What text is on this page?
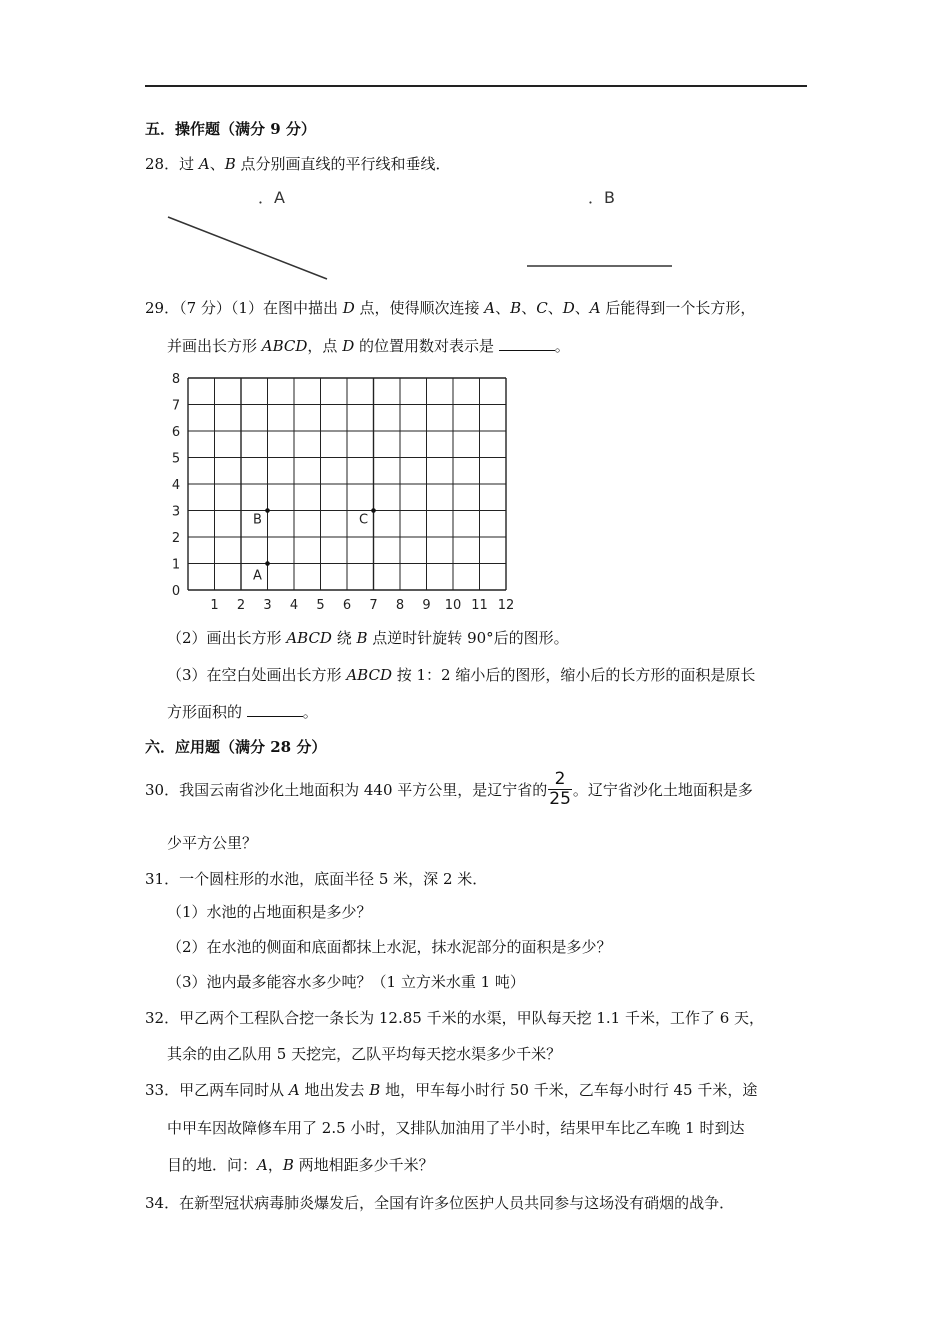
五．操作题（满分 9 分）
28．过 A、B 点分别画直线的平行线和垂线．
．A	．B
29．（7 分）（1）在图中描出 D 点，使得顺次连接 A、B、C、D、A 后能得到一个长方形，
并画出长方形 ABCD，点 D 的位置用数对表示是	。
1 2 3 4 5 6 7 8 9 10 11 12
0
1
2
3
4
5
6
7
8
A
B	C
（2）画出长方形 ABCD 绕 B 点逆时针旋转 90°后的图形。
（3）在空白处画出长方形 ABCD 按 1：2 缩小后的图形，缩小后的长方形的面积是原长
方形面积的	。
六．应用题（满分 28 分）
30． 我国云南省沙化土地面积为 440 平方公里，是辽宁省的 $\frac{2}{25}$ 。辽宁省沙化土地面积是多
少平方公里？
31．一个圆柱形的水池，底面半径 5 米，深 2 米．
（1）水池的占地面积是多少？
（2）在水池的侧面和底面都抹上水泥，抹水泥部分的面积是多少？
（3）池内最多能容水多少吨？（1 立方米水重 1 吨）
32．甲乙两个工程队合挖一条长为 12.85 千米的水渠，甲队每天挖 1.1 千米，工作了 6 天，
其余的由乙队用 5 天挖完，乙队平均每天挖水渠多少千米？
33．甲乙两车同时从 A 地出发去 B 地，甲车每小时行 50 千米，乙车每小时行 45 千米，途
中甲车因故障修车用了 2.5 小时，又排队加油用了半小时，结果甲车比乙车晚 1 时到达
目的地．问：A，B 两地相距多少千米？
34．在新型冠状病毒肺炎爆发后，全国有许多位医护人员共同参与这场没有硝烟的战争．
